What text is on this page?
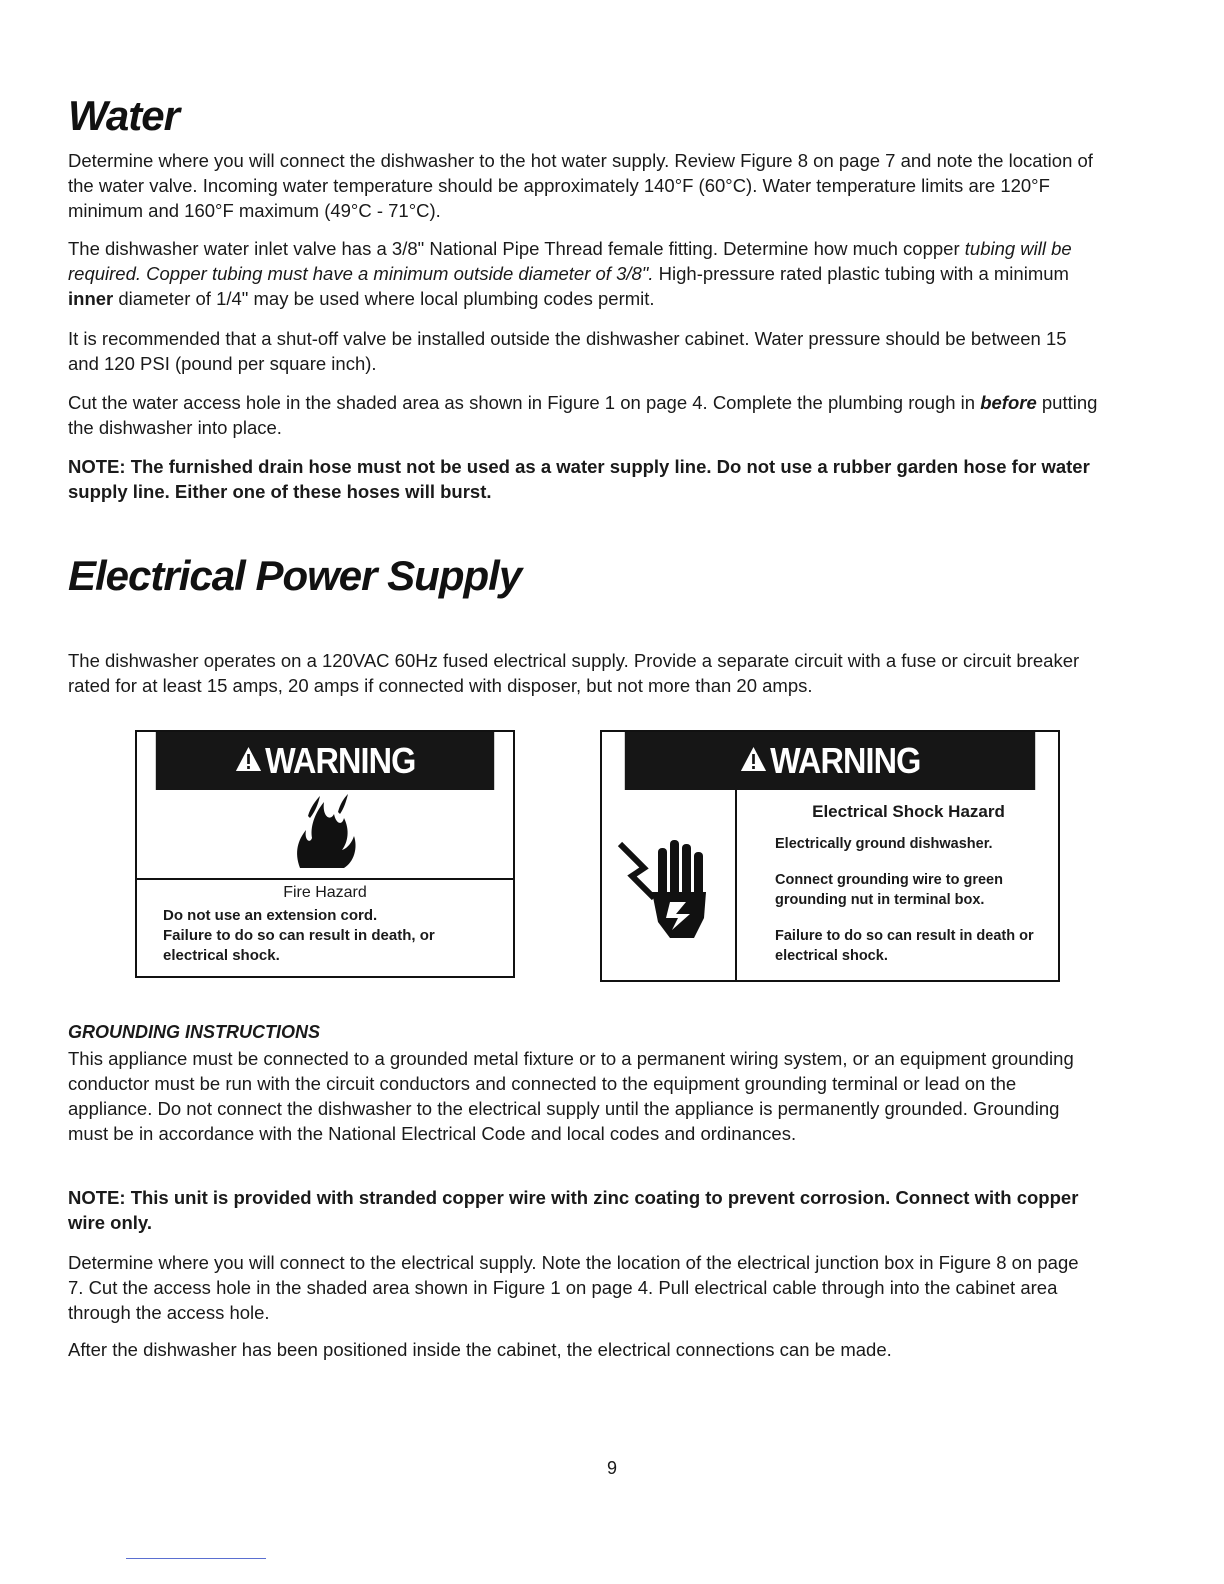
Water

Determine where you will connect the dishwasher to the hot water supply. Review Figure 8 on page 7 and note the location of the water valve. Incoming water temperature should be approximately 140°F (60°C). Water temperature limits are 120°F minimum and 160°F maximum (49°C - 71°C).

The dishwasher water inlet valve has a 3/8" National Pipe Thread female fitting. Determine how much copper tubing will be required. Copper tubing must have a minimum outside diameter of 3/8". High-pressure rated plastic tubing with a minimum inner diameter of 1/4" may be used where local plumbing codes permit.

It is recommended that a shut-off valve be installed outside the dishwasher cabinet. Water pressure should be between 15 and 120 PSI (pound per square inch).

Cut the water access hole in the shaded area as shown in Figure 1 on page 4. Complete the plumbing rough in before putting the dishwasher into place.

NOTE: The furnished drain hose must not be used as a water supply line. Do not use a rubber garden hose for water supply line. Either one of these hoses will burst.

Electrical Power Supply

The dishwasher operates on a 120VAC 60Hz fused electrical supply. Provide a separate circuit with a fuse or circuit breaker rated for at least 15 amps, 20 amps if connected with disposer, but not more than 20 amps.

WARNING
Fire Hazard
Do not use an extension cord.
Failure to do so can result in death, or electrical shock.
WARNING
Electrical Shock Hazard
Electrically ground dishwasher.
Connect grounding wire to green grounding nut in terminal box.
Failure to do so can result in death or electrical shock.

GROUNDING INSTRUCTIONS

This appliance must be connected to a grounded metal fixture or to a permanent wiring system, or an equipment grounding conductor must be run with the circuit conductors and connected to the equipment grounding terminal or lead on the appliance. Do not connect the dishwasher to the electrical supply until the appliance is permanently grounded. Grounding must be in accordance with the National Electrical Code and local codes and ordinances.

NOTE: This unit is provided with stranded copper wire with zinc coating to prevent corrosion. Connect with copper wire only.

Determine where you will connect to the electrical supply. Note the location of the electrical junction box in Figure 8 on page 7. Cut the access hole in the shaded area shown in Figure 1 on page 4. Pull electrical cable through into the cabinet area through the access hole.

After the dishwasher has been positioned inside the cabinet, the electrical connections can be made.

9
